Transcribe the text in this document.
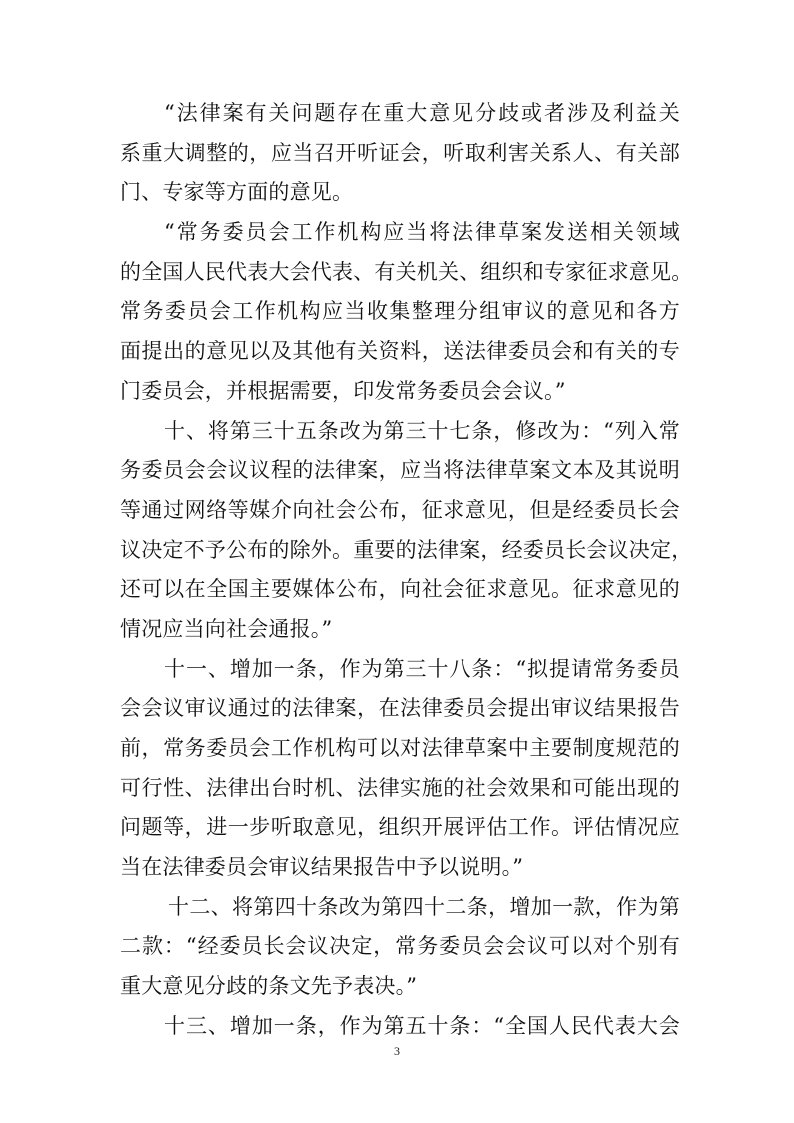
“法律案有关问题存在重大意见分歧或者涉及利益关
系重大调整的，应当召开听证会，听取利害关系人、有关部
门、专家等方面的意见。
“常务委员会工作机构应当将法律草案发送相关领域
的全国人民代表大会代表、有关机关、组织和专家征求意见。
常务委员会工作机构应当收集整理分组审议的意见和各方
面提出的意见以及其他有关资料，送法律委员会和有关的专
门委员会，并根据需要，印发常务委员会会议。”
十、将第三十五条改为第三十七条，修改为：“列入常
务委员会会议议程的法律案，应当将法律草案文本及其说明
等通过网络等媒介向社会公布，征求意见，但是经委员长会
议决定不予公布的除外。重要的法律案，经委员长会议决定，
还可以在全国主要媒体公布，向社会征求意见。征求意见的
情况应当向社会通报。”
十一、增加一条，作为第三十八条：“拟提请常务委员
会会议审议通过的法律案，在法律委员会提出审议结果报告
前，常务委员会工作机构可以对法律草案中主要制度规范的
可行性、法律出台时机、法律实施的社会效果和可能出现的
问题等，进一步听取意见，组织开展评估工作。评估情况应
当在法律委员会审议结果报告中予以说明。”
十二、将第四十条改为第四十二条，增加一款，作为第
二款：“经委员长会议决定，常务委员会会议可以对个别有
重大意见分歧的条文先予表决。”
十三、增加一条，作为第五十条：“全国人民代表大会
3
